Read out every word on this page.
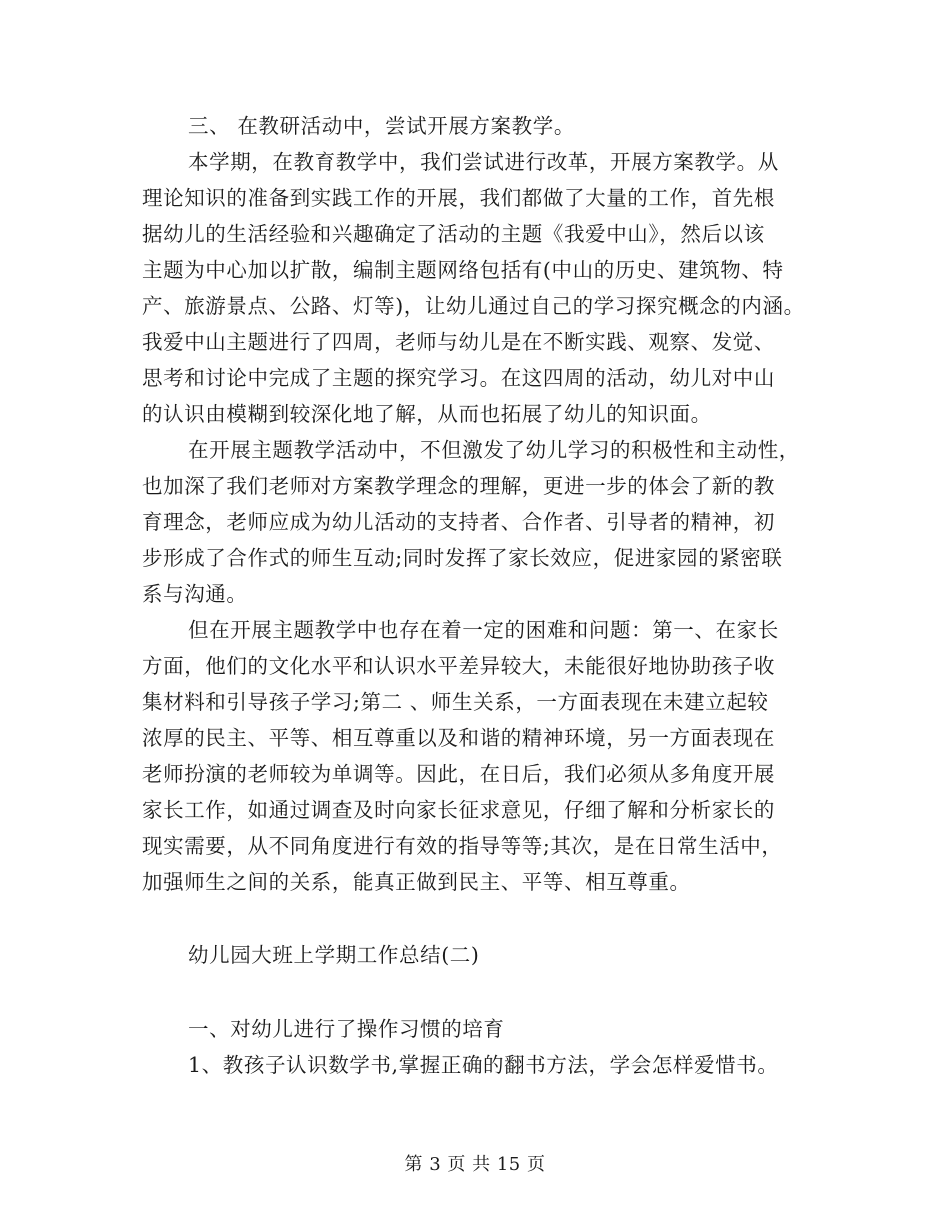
三、 在教研活动中，尝试开展方案教学。
本学期，在教育教学中，我们尝试进行改革，开展方案教学。从
理论知识的准备到实践工作的开展，我们都做了大量的工作，首先根
据幼儿的生活经验和兴趣确定了活动的主题《我爱中山》，然后以该
主题为中心加以扩散，编制主题网络包括有(中山的历史、建筑物、特
产、旅游景点、公路、灯等)，让幼儿通过自己的学习探究概念的内涵。
我爱中山主题进行了四周，老师与幼儿是在不断实践、观察、发觉、
思考和讨论中完成了主题的探究学习。在这四周的活动，幼儿对中山
的认识由模糊到较深化地了解，从而也拓展了幼儿的知识面。
在开展主题教学活动中，不但激发了幼儿学习的积极性和主动性，
也加深了我们老师对方案教学理念的理解，更进一步的体会了新的教
育理念，老师应成为幼儿活动的支持者、合作者、引导者的精神，初
步形成了合作式的师生互动;同时发挥了家长效应，促进家园的紧密联
系与沟通。
但在开展主题教学中也存在着一定的困难和问题：第一、在家长
方面，他们的文化水平和认识水平差异较大，未能很好地协助孩子收
集材料和引导孩子学习;第二 、师生关系，一方面表现在未建立起较
浓厚的民主、平等、相互尊重以及和谐的精神环境，另一方面表现在
老师扮演的老师较为单调等。因此，在日后，我们必须从多角度开展
家长工作，如通过调查及时向家长征求意见，仔细了解和分析家长的
现实需要，从不同角度进行有效的指导等等;其次，是在日常生活中，
加强师生之间的关系，能真正做到民主、平等、相互尊重。
幼儿园大班上学期工作总结(二)
一、对幼儿进行了操作习惯的培育
1、教孩子认识数学书,掌握正确的翻书方法，学会怎样爱惜书。
第 3 页 共 15 页
